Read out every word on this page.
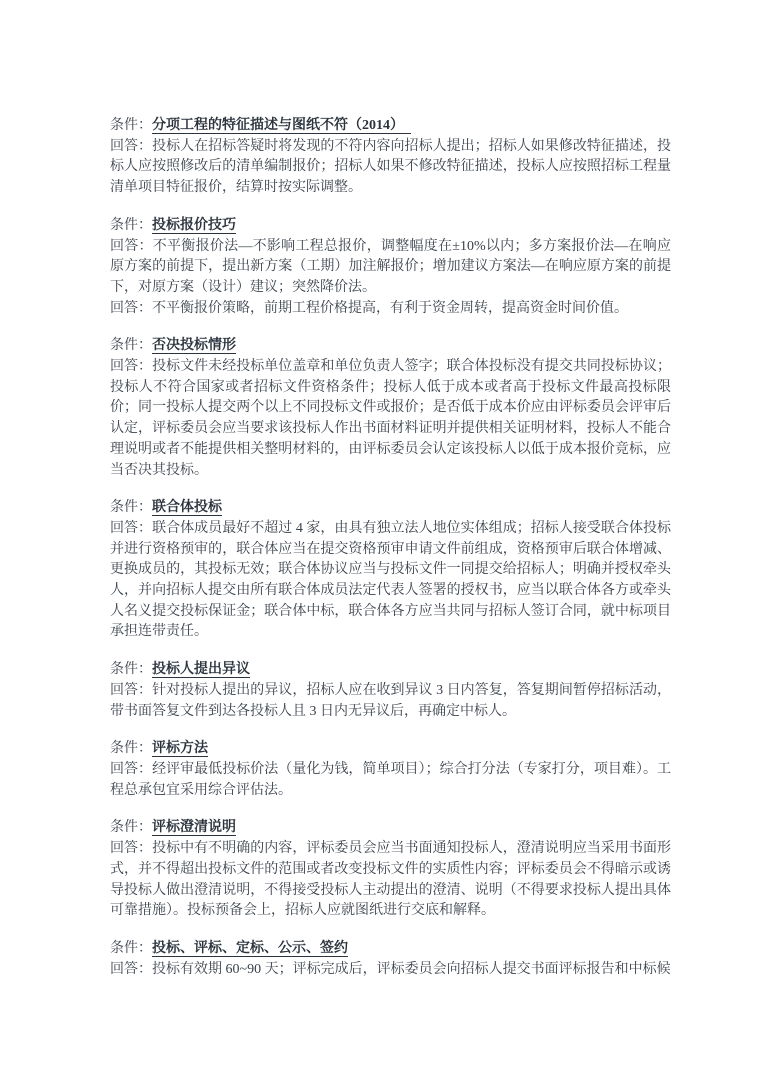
条件：分项工程的特征描述与图纸不符（2014）　

回答：投标人在招标答疑时将发现的不符内容向招标人提出；招标人如果修改特征描述，投标人应按照修改后的清单编制报价；招标人如果不修改特征描述，投标人应按照招标工程量清单项目特征报价，结算时按实际调整。

条件：投标报价技巧

回答：不平衡报价法—不影响工程总报价，调整幅度在±10%以内；多方案报价法—在响应原方案的前提下，提出新方案（工期）加注解报价；增加建议方案法—在响应原方案的前提下，对原方案（设计）建议；突然降价法。

回答：不平衡报价策略，前期工程价格提高，有利于资金周转，提高资金时间价值。

条件：否决投标情形

回答：投标文件未经投标单位盖章和单位负责人签字；联合体投标没有提交共同投标协议；投标人不符合国家或者招标文件资格条件；投标人低于成本或者高于投标文件最高投标限价；同一投标人提交两个以上不同投标文件或报价；是否低于成本价应由评标委员会评审后认定，评标委员会应当要求该投标人作出书面材料证明并提供相关证明材料，投标人不能合理说明或者不能提供相关整明材料的，由评标委员会认定该投标人以低于成本报价竞标，应当否决其投标。

条件：联合体投标

回答：联合体成员最好不超过 4 家，由具有独立法人地位实体组成；招标人接受联合体投标并进行资格预审的，联合体应当在提交资格预审申请文件前组成，资格预审后联合体增减、更换成员的，其投标无效；联合体协议应当与投标文件一同提交给招标人；明确并授权牵头人，并向招标人提交由所有联合体成员法定代表人签署的授权书，应当以联合体各方或牵头人名义提交投标保证金；联合体中标，联合体各方应当共同与招标人签订合同，就中标项目承担连带责任。

条件：投标人提出异议

回答：针对投标人提出的异议，招标人应在收到异议 3 日内答复，答复期间暂停招标活动，带书面答复文件到达各投标人且 3 日内无异议后，再确定中标人。

条件：评标方法

回答：经评审最低投标价法（量化为钱，简单项目）；综合打分法（专家打分，项目难）。工程总承包宜采用综合评估法。

条件：评标澄清说明

回答：投标中有不明确的内容，评标委员会应当书面通知投标人，澄清说明应当采用书面形式，并不得超出投标文件的范围或者改变投标文件的实质性内容；评标委员会不得暗示或诱导投标人做出澄清说明，不得接受投标人主动提出的澄清、说明（不得要求投标人提出具体可靠措施）。投标预备会上，招标人应就图纸进行交底和解释。

条件：投标、评标、定标、公示、签约

回答：投标有效期 60~90 天；评标完成后，评标委员会向招标人提交书面评标报告和中标候
